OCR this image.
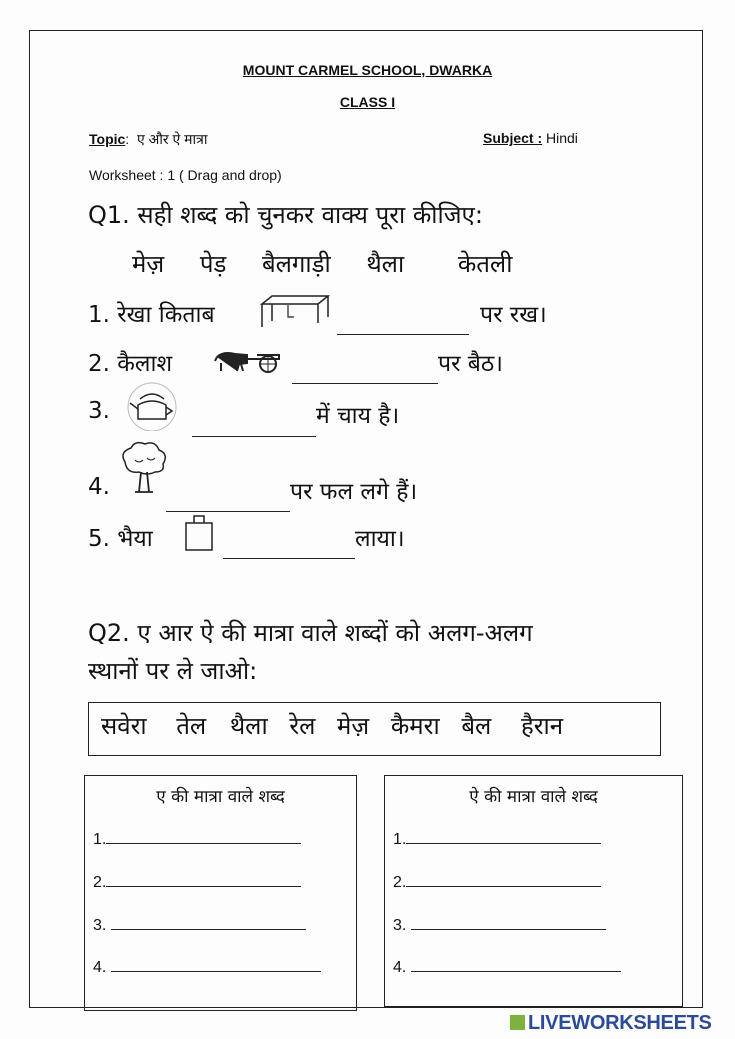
MOUNT CARMEL SCHOOL, DWARKA
CLASS I
Topic:  ए और ऐ मात्रा	Subject : Hindi
Worksheet : 1 ( Drag and drop)
Q1. सही शब्द को चुनकर वाक्य पूरा कीजिए:
मेज़ पेड़ बैलगाड़ी थैला केतली
1. रेखा किताब	पर रख।
2. कैलाश	पर बैठ।
3.	में चाय है।
4.	पर फल लगे हैं।
5. भैया	लाया।
Q2. ए आर ऐ की मात्रा वाले शब्दों को अलग-अलग
स्थानों पर ले जाओ:
सवेरा तेल थैला रेल मेज़ कैमरा बैल हैरान
ए की मात्रा वाले शब्द
1.
2.
3.
4.
ऐ की मात्रा वाले शब्द
1.
2.
3.
4.
LIVEWORKSHEETS
